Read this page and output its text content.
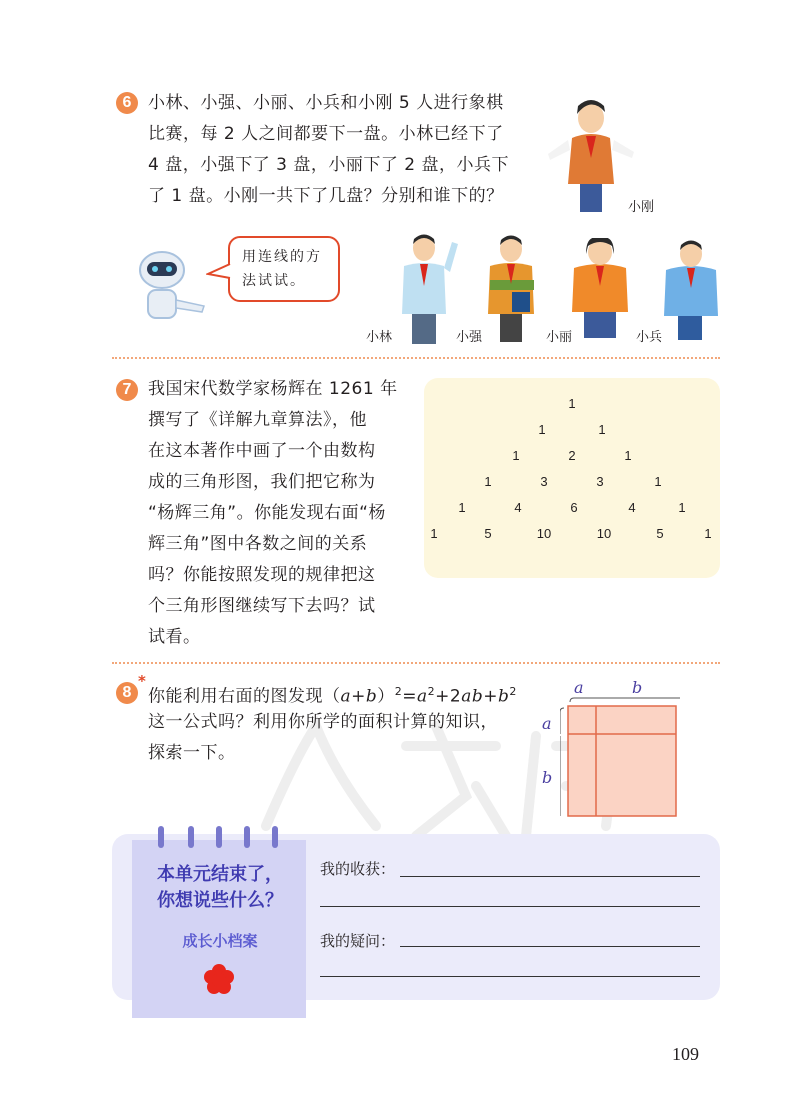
6 小林、小强、小丽、小兵和小刚 5 人进行象棋
比赛，每 2 人之间都要下一盘。小林已经下了
4 盘，小强下了 3 盘，小丽下了 2 盘，小兵下
了 1 盘。小刚一共下了几盘？分别和谁下的？
小刚
用连线的方
法试试。
小林	小强	小丽	小兵
7 我国宋代数学家杨辉在 1261 年
撰写了《详解九章算法》，他
在这本著作中画了一个由数构
成的三角形图，我们把它称为
“杨辉三角”。你能发现右面“杨
辉三角”图中各数之间的关系
吗？你能按照发现的规律把这
个三角形图继续写下去吗？试
试看。
1
1	1
1	2	1
1	3	3	1
1	4	6	4	1
1	5	10	10	5	1
8
*
你能利用右面的图发现$(a+b)^2=a^2+2ab+b^2$
这一公式吗？利用你所学的面积计算的知识，
探索一下。
a	b
a
b
本单元结束了，
你想说些什么？
成长小档案
我的收获：
我的疑问：
109
